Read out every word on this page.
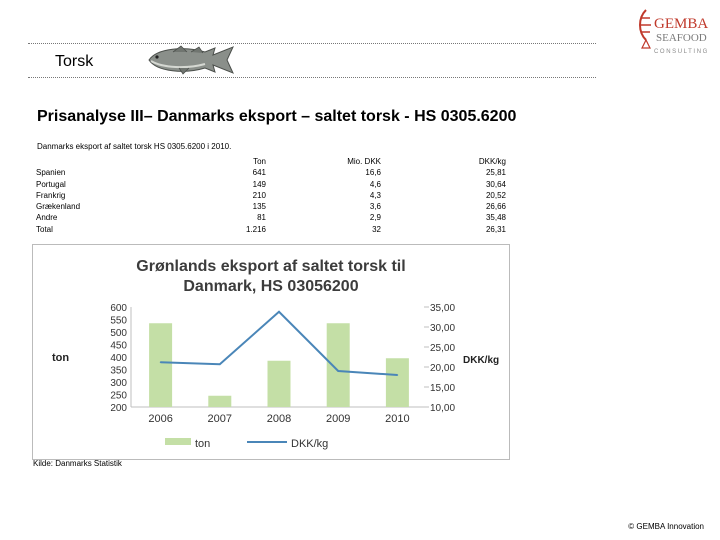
Torsk
GEMBA
SEAFOOD
CONSULTING
Prisanalyse III– Danmarks eksport – saltet torsk - HS 0305.6200
Danmarks eksport af saltet torsk HS 0305.6200 i 2010.
	Ton	Mio. DKK	DKK/kg
Spanien	641	16,6	25,81
Portugal	149	4,6	30,64
Frankrig	210	4,3	20,52
Grækenland	135	3,6	26,66
Andre	81	2,9	35,48
Total	1.216	32	26,31
Grønlands eksport af saltet torsk til
Danmark, HS 03056200
200
250
300
350
400
450
500
550
600
10,00
15,00
20,00
25,00
30,00
35,00
2006	2007	2008	2009	2010
ton	DKK/kg
ton	DKK/kg
Kilde: Danmarks Statistik
© GEMBA Innovation
